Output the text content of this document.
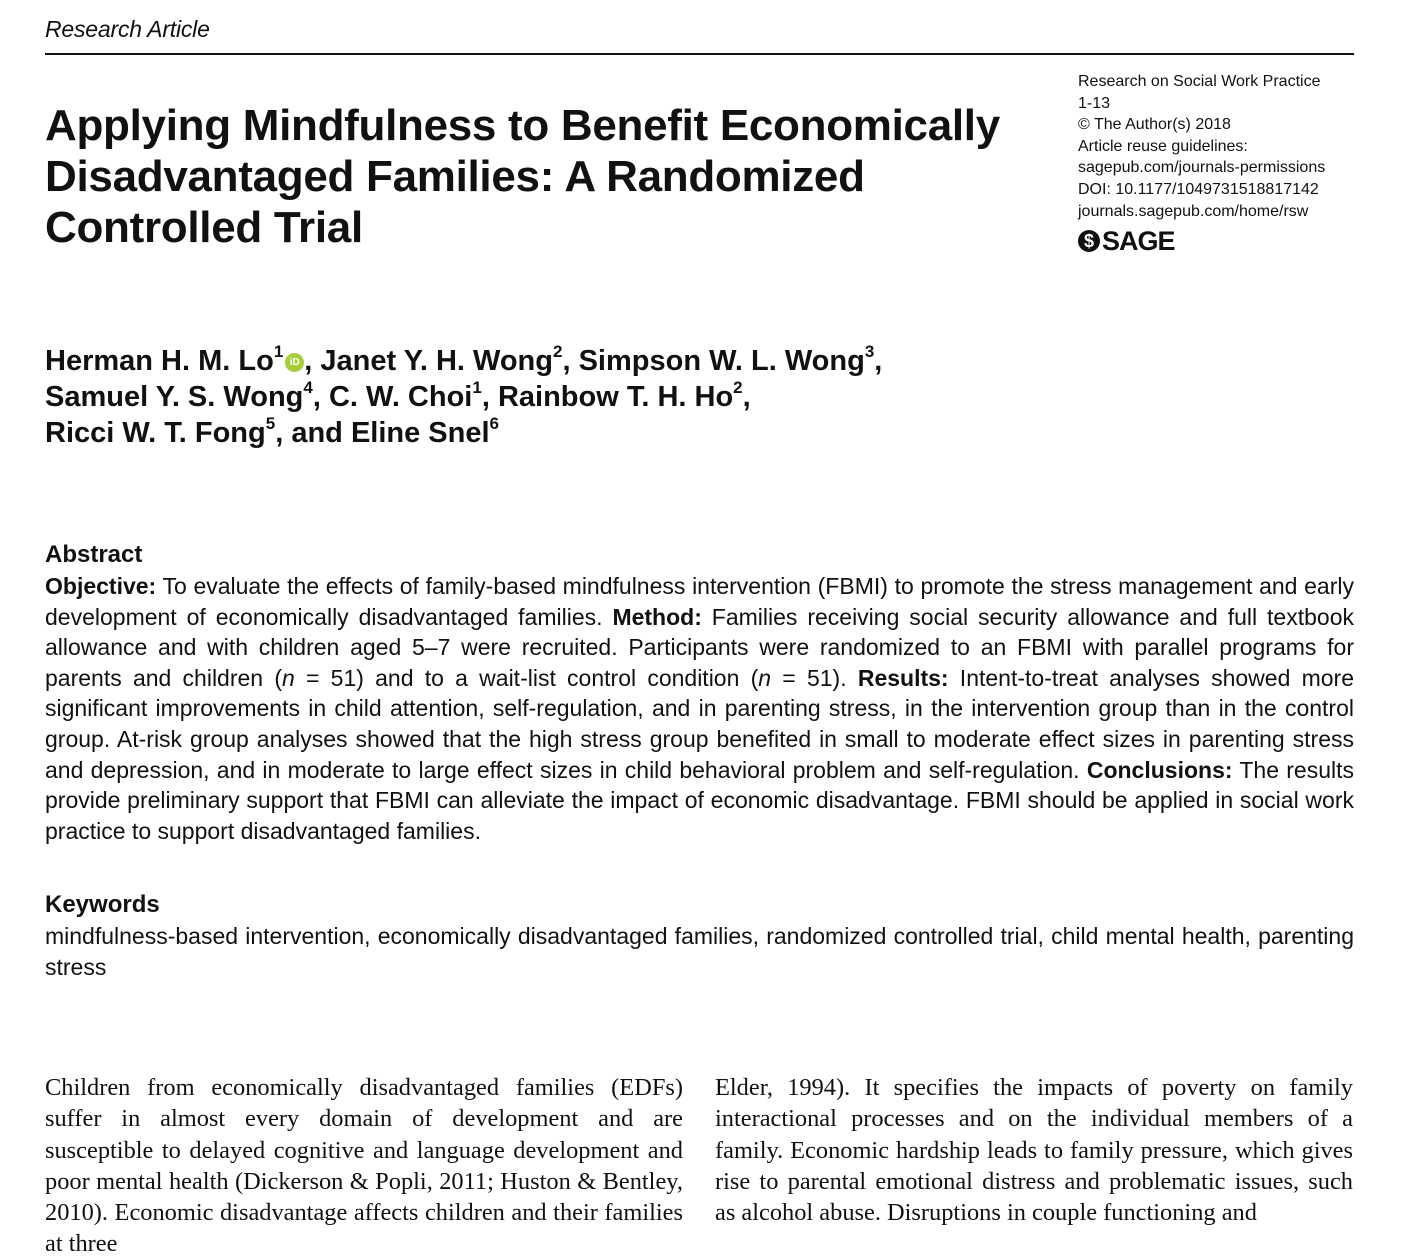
Research Article
Applying Mindfulness to Benefit Economically Disadvantaged Families: A Randomized Controlled Trial
Research on Social Work Practice
1-13
© The Author(s) 2018
Article reuse guidelines:
sagepub.com/journals-permissions
DOI: 10.1177/1049731518817142
journals.sagepub.com/home/rsw
$ SAGE
Herman H. M. Lo$^1$iD , Janet Y. H. Wong$^2$, Simpson W. L. Wong$^3$,
Samuel Y. S. Wong$^4$, C. W. Choi$^1$, Rainbow T. H. Ho$^2$,
Ricci W. T. Fong$^5$, and Eline Snel$^6$
Abstract

Objective: To evaluate the effects of family-based mindfulness intervention (FBMI) to promote the stress management and early development of economically disadvantaged families. Method: Families receiving social security allowance and full textbook allowance and with children aged 5–7 were recruited. Participants were randomized to an FBMI with parallel programs for parents and children (n = 51) and to a wait-list control condition (n = 51). Results: Intent-to-treat analyses showed more significant improvements in child attention, self-regulation, and in parenting stress, in the intervention group than in the control group. At-risk group analyses showed that the high stress group benefited in small to moderate effect sizes in parenting stress and depression, and in moderate to large effect sizes in child behavioral problem and self-regulation. Conclusions: The results provide preliminary support that FBMI can alleviate the impact of economic disadvantage. FBMI should be applied in social work practice to support disadvantaged families.

Keywords

mindfulness-based intervention, economically disadvantaged families, randomized controlled trial, child mental health, parenting stress

Children from economically disadvantaged families (EDFs) suffer in almost every domain of development and are susceptible to delayed cognitive and language development and poor mental health (Dickerson & Popli, 2011; Huston & Bentley, 2010). Economic disadvantage affects children and their families at three

Elder, 1994). It specifies the impacts of poverty on family interactional processes and on the individual members of a family. Economic hardship leads to family pressure, which gives rise to parental emotional distress and problematic issues, such as alcohol abuse. Disruptions in couple functioning and
